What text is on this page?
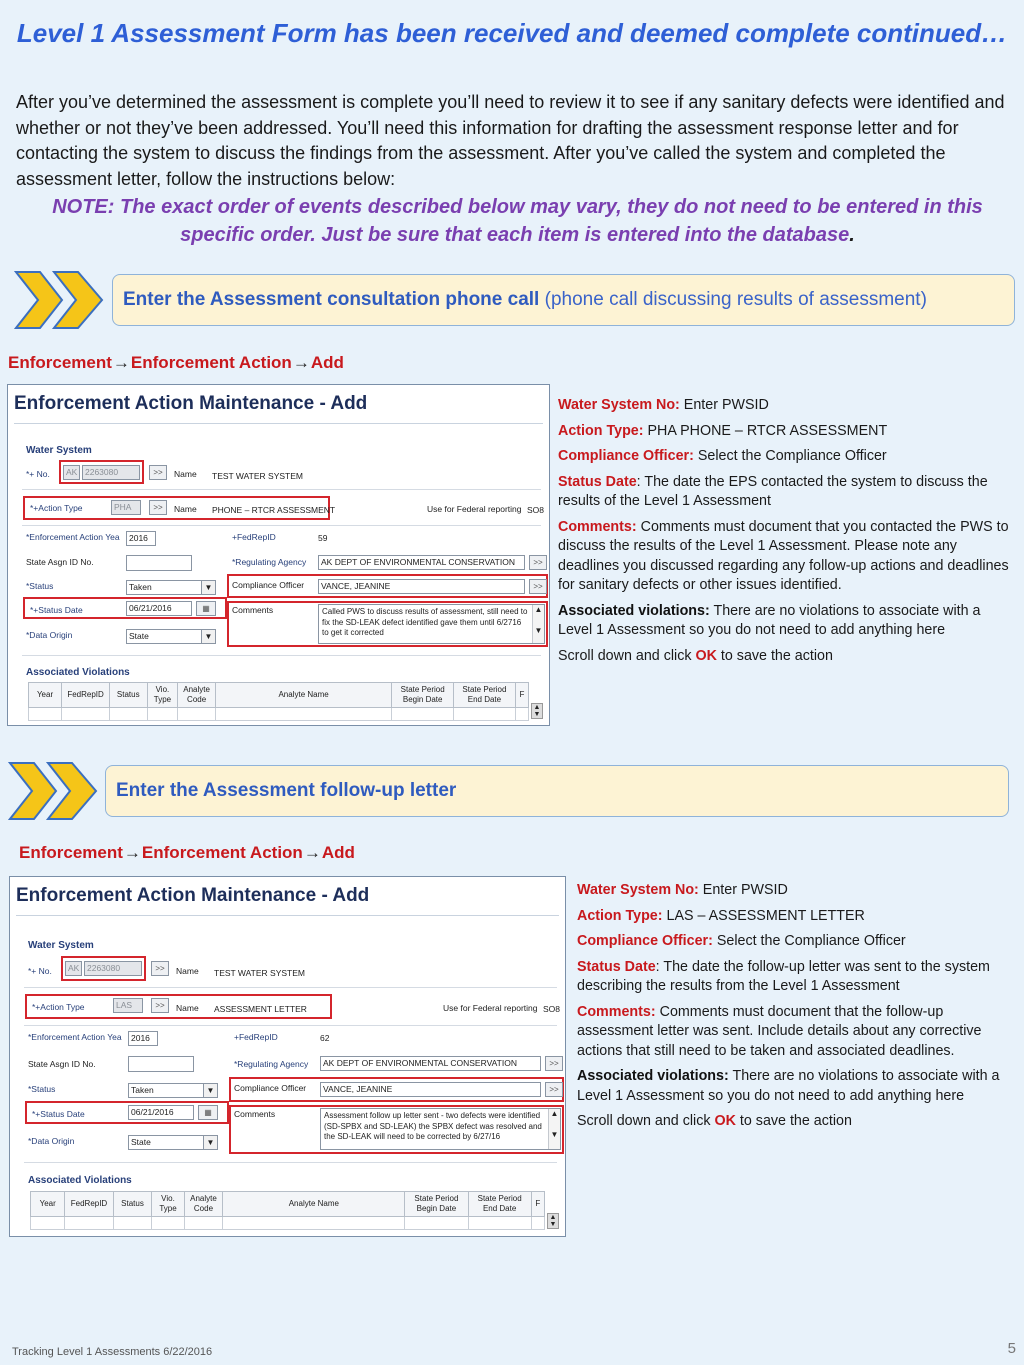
Level 1 Assessment Form has been received and deemed complete continued…
After you’ve determined the assessment is complete you’ll need to review it to see if any sanitary defects were identified and whether or not they’ve been addressed. You’ll need this information for drafting the assessment response letter and for contacting the system to discuss the findings from the assessment. After you’ve called the system and completed the assessment letter, follow the instructions below:
NOTE: The exact order of events described below may vary, they do not need to be entered in this specific order. Just be sure that each item is entered into the database.
Enter the Assessment consultation phone call (phone call discussing results of assessment)
Enforcement→Enforcement Action→Add
Enforcement Action Maintenance - Add
Water System
*+ No.	AK 2263080	>>	Name TEST WATER SYSTEM
*+Action Type	PHA	>>	Name PHONE – RTCR ASSESSMENT	Use for Federal reporting SO8
*Enforcement Action Yea	2016	+FedRepID	59
State Asgn ID No.	*Regulating Agency	AK DEPT OF ENVIRONMENTAL CONSERVATION	>>
*Status	Taken	▼ Compliance Officer	VANCE, JEANINE	>>
*+Status Date	06/21/2016	▦	Comments	Called PWS to discuss results of assessment, still need to fix the SD-LEAK defect identified gave them until 6/2716 to get it corrected
▲

▼
*Data Origin	State	▼
Associated Violations
Year	FedRepID	Status	Vio. Type	Analyte Code	Analyte Name	State Period Begin Date	State Period End Date	F

▲
▼

Water System No: Enter PWSID

Action Type: PHA PHONE – RTCR ASSESSMENT

Compliance Officer: Select the Compliance Officer

Status Date: The date the EPS contacted the system to discuss the results of the Level 1 Assessment

Comments: Comments must document that you contacted the PWS to discuss the results of the Level 1 Assessment. Please note any deadlines you discussed regarding any follow-up actions and deadlines for sanitary defects or other issues identified.

Associated violations: There are no violations to associate with a Level 1 Assessment so you do not need to add anything here

Scroll down and click OK to save the action

Enter the Assessment follow-up letter
Enforcement→Enforcement Action→Add
Enforcement Action Maintenance - Add
Water System
*+ No.	AK 2263080	>>	Name TEST WATER SYSTEM
*+Action Type	LAS	>>	Name ASSESSMENT LETTER	Use for Federal reporting SO8
*Enforcement Action Yea	2016	+FedRepID	62
State Asgn ID No.	*Regulating Agency	AK DEPT OF ENVIRONMENTAL CONSERVATION	>>
*Status	Taken	▼ Compliance Officer	VANCE, JEANINE	>>
*+Status Date	06/21/2016	▦	Comments	Assessment follow up letter sent - two defects were identified (SD-SPBX and SD-LEAK) the SPBX defect was resolved and the SD-LEAK will need to be corrected by 6/27/16
▲

▼
*Data Origin	State	▼
Associated Violations
Year	FedRepID	Status	Vio. Type	Analyte Code	Analyte Name	State Period Begin Date	State Period End Date	F

▲
▼

Water System No: Enter PWSID

Action Type: LAS – ASSESSMENT LETTER

Compliance Officer: Select the Compliance Officer

Status Date: The date the follow-up letter was sent to the system describing the results from the Level 1 Assessment

Comments: Comments must document that the follow-up assessment letter was sent. Include details about any corrective actions that still need to be taken and associated deadlines.

Associated violations: There are no violations to associate with a Level 1 Assessment so you do not need to add anything here

Scroll down and click OK to save the action

Tracking Level 1 Assessments 6/22/2016	5
